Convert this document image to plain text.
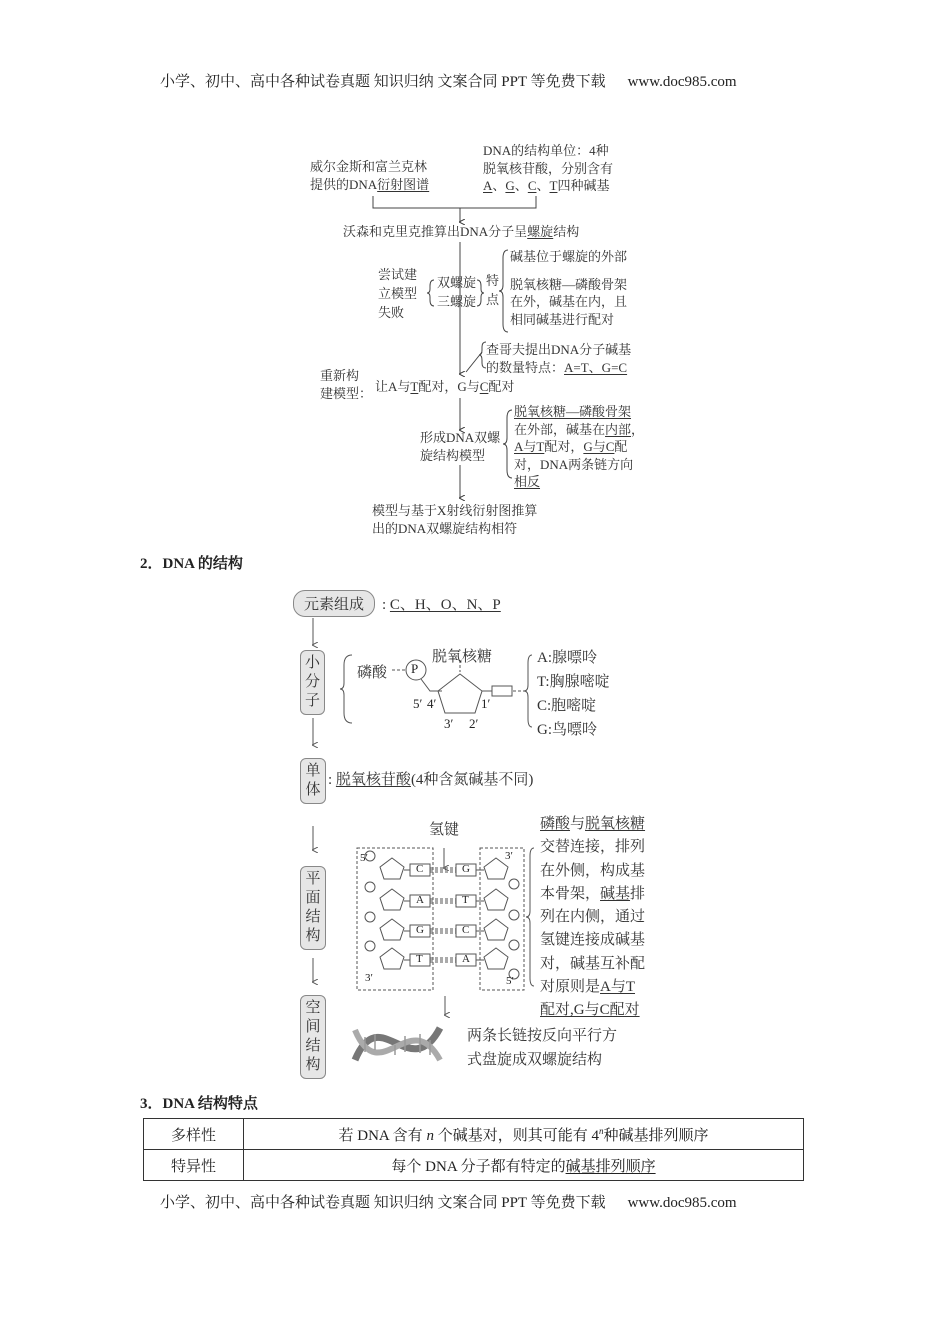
小学、初中、高中各种试卷真题 知识归纳 文案合同 PPT 等免费下载 www.doc985.com
威尔金斯和富兰克林
提供的DNA衍射图谱
DNA的结构单位：4种
脱氧核苷酸，分别含有
A、G、C、T四种碱基
沃森和克里克推算出DNA分子呈螺旋结构
尝试建
立模型
失败
双螺旋
三螺旋
特点
碱基位于螺旋的外部
脱氧核糖—磷酸骨架
在外，碱基在内，且
相同碱基进行配对
查哥夫提出DNA分子碱基
的数量特点：A=T、G=C
重新构
建模型： 让A与T配对，G与C配对
形成DNA双螺
旋结构模型
脱氧核糖—磷酸骨架
在外部，碱基在内部，
A与T配对，G与C配
对，DNA两条链方向
相反
模型与基于X射线衍射图推算
出的DNA双螺旋结构相符
2．DNA 的结构
元素组成	: C、H、O、N、P
小分子
磷酸 P
脱氧核糖
5′ 4′
3′ 2′
1′
A:腺嘌呤
T:胸腺嘧啶
C:胞嘧啶
G:鸟嘌呤
单体
: 脱氧核苷酸(4种含氮碱基不同)
平面结构
氢键
C	G
A	T
G	C
T	A
5′
3′
3′
5′
磷酸与脱氧核糖
交替连接，排列
在外侧，构成基
本骨架，碱基排
列在内侧，通过
氢键连接成碱基
对，碱基互补配
对原则是A与T
配对,G与C配对
空间结构
两条长链按反向平行方
式盘旋成双螺旋结构
3．DNA 结构特点
多样性	若 DNA 含有 n 个碱基对，则其可能有 4$^n$种碱基排列顺序
特异性	每个 DNA 分子都有特定的碱基排列顺序
小学、初中、高中各种试卷真题 知识归纳 文案合同 PPT 等免费下载 www.doc985.com
